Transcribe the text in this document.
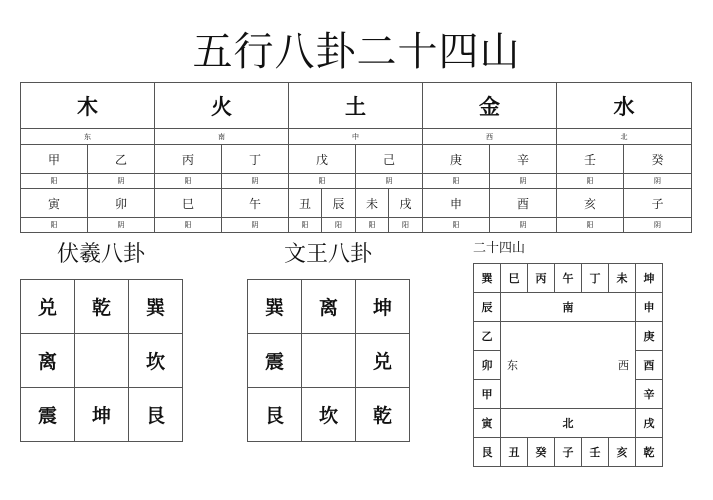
五行八卦二十四山
木		火		土				金		水	
东		南		中				西		北	
甲	乙	丙	丁	戊		己		庚	辛	壬	癸
阳	阴	阳	阴	阳		阴		阳	阴	阳	阴
寅	卯	巳	午	丑	辰	未	戌	申	酉	亥	子
阳	阴	阳	阴	阳	阳	阳	阳	阳	阴	阳	阴
伏羲八卦
兑	乾	巽
离		坎
震	坤	艮
文王八卦
巽	离	坤
震		兑
艮	坎	乾
二十四山
巽	巳	丙	午	丁	未	坤
辰		南				申
乙	东 西					庚
卯						酉
甲						辛
寅		北				戌
艮	丑	癸	子	壬	亥	乾
